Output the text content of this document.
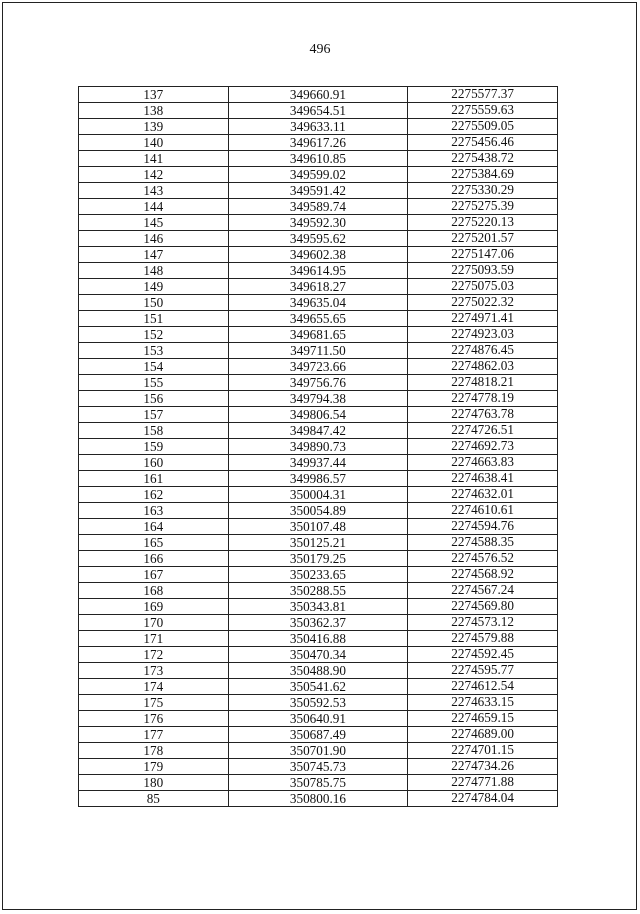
496
137	349660.91	2275577.37
138	349654.51	2275559.63
139	349633.11	2275509.05
140	349617.26	2275456.46
141	349610.85	2275438.72
142	349599.02	2275384.69
143	349591.42	2275330.29
144	349589.74	2275275.39
145	349592.30	2275220.13
146	349595.62	2275201.57
147	349602.38	2275147.06
148	349614.95	2275093.59
149	349618.27	2275075.03
150	349635.04	2275022.32
151	349655.65	2274971.41
152	349681.65	2274923.03
153	349711.50	2274876.45
154	349723.66	2274862.03
155	349756.76	2274818.21
156	349794.38	2274778.19
157	349806.54	2274763.78
158	349847.42	2274726.51
159	349890.73	2274692.73
160	349937.44	2274663.83
161	349986.57	2274638.41
162	350004.31	2274632.01
163	350054.89	2274610.61
164	350107.48	2274594.76
165	350125.21	2274588.35
166	350179.25	2274576.52
167	350233.65	2274568.92
168	350288.55	2274567.24
169	350343.81	2274569.80
170	350362.37	2274573.12
171	350416.88	2274579.88
172	350470.34	2274592.45
173	350488.90	2274595.77
174	350541.62	2274612.54
175	350592.53	2274633.15
176	350640.91	2274659.15
177	350687.49	2274689.00
178	350701.90	2274701.15
179	350745.73	2274734.26
180	350785.75	2274771.88
85	350800.16	2274784.04
